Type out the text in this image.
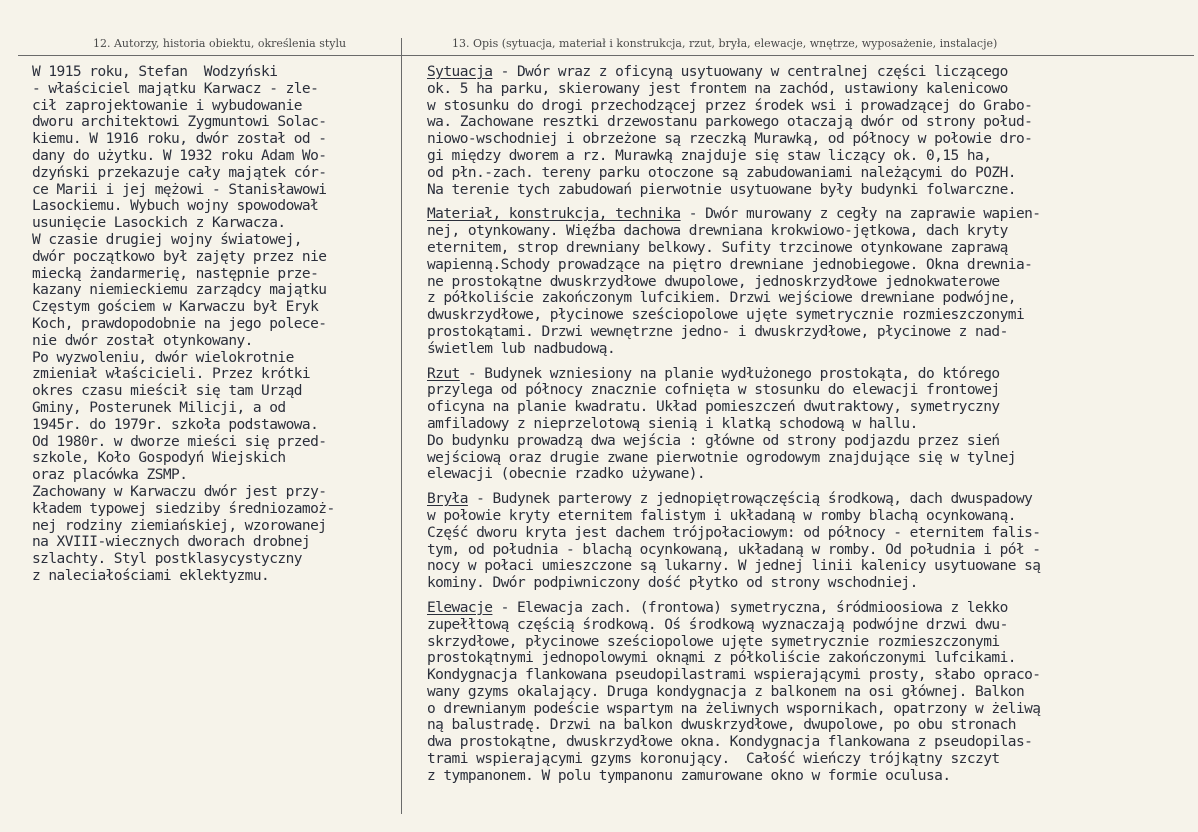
12. Autorzy, historia obiektu, określenia stylu	13. Opis (sytuacja, materiał i konstrukcja, rzut, bryła, elewacje, wnętrze, wyposażenie, instalacje)
W 1915 roku, Stefan  Wodzyński
- właściciel majątku Karwacz - zle-
cił zaprojektowanie i wybudowanie
dworu architektowi Zygmuntowi Solac-
kiemu. W 1916 roku, dwór został od -
dany do użytku. W 1932 roku Adam Wo-
dzyński przekazuje cały majątek cór-
ce Marii i jej mężowi - Stanisławowi
Lasockiemu. Wybuch wojny spowodował
usunięcie Lasockich z Karwacza.
W czasie drugiej wojny światowej,
dwór początkowo był zajęty przez nie
miecką żandarmerię, następnie prze-
kazany niemieckiemu zarządcy majątku
Częstym gościem w Karwaczu był Eryk
Koch, prawdopodobnie na jego polece-
nie dwór został otynkowany.
Po wyzwoleniu, dwór wielokrotnie
zmieniał właścicieli. Przez krótki
okres czasu mieścił się tam Urząd
Gminy, Posterunek Milicji, a od
1945r. do 1979r. szkoła podstawowa.
Od 1980r. w dworze mieści się przed-
szkole, Koło Gospodyń Wiejskich
oraz placówka ZSMP.
Zachowany w Karwaczu dwór jest przy-
kładem typowej siedziby średniozamoż-
nej rodziny ziemiańskiej, wzorowanej
na XVIII-wiecznych dworach drobnej
szlachty. Styl postklasycystyczny
z naleciałościami eklektyzmu.
Sytuacja - Dwór wraz z oficyną usytuowany w centralnej części liczącego
ok. 5 ha parku, skierowany jest frontem na zachód, ustawiony kalenicowo
w stosunku do drogi przechodzącej przez środek wsi i prowadzącej do Grabo-
wa. Zachowane resztki drzewostanu parkowego otaczają dwór od strony połud-
niowo-wschodniej i obrzeżone są rzeczką Murawką, od północy w połowie dro-
gi między dworem a rz. Murawką znajduje się staw liczący ok. 0,15 ha,
od płn.-zach. tereny parku otoczone są zabudowaniami należącymi do POZH.
Na terenie tych zabudowań pierwotnie usytuowane były budynki folwarczne.
Materiał, konstrukcja, technika - Dwór murowany z cegły na zaprawie wapien-
nej, otynkowany. Więźba dachowa drewniana krokwiowo-jętkowa, dach kryty
eternitem, strop drewniany belkowy. Sufity trzcinowe otynkowane zaprawą
wapienną.Schody prowadzące na piętro drewniane jednobiegowe. Okna drewnia-
ne prostokątne dwuskrzydłowe dwupolowe, jednoskrzydłowe jednokwaterowe
z półkoliście zakończonym lufcikiem. Drzwi wejściowe drewniane podwójne,
dwuskrzydłowe, płycinowe sześciopolowe ujęte symetrycznie rozmieszczonymi
prostokątami. Drzwi wewnętrzne jedno- i dwuskrzydłowe, płycinowe z nad-
świetlem lub nadbudową.
Rzut - Budynek wzniesiony na planie wydłużonego prostokąta, do którego
przylega od północy znacznie cofnięta w stosunku do elewacji frontowej
oficyna na planie kwadratu. Układ pomieszczeń dwutraktowy, symetryczny
amfiladowy z nieprzelotową sienią i klatką schodową w hallu.
Do budynku prowadzą dwa wejścia : główne od strony podjazdu przez sień
wejściową oraz drugie zwane pierwotnie ogrodowym znajdujące się w tylnej
elewacji (obecnie rzadko używane).
Bryła - Budynek parterowy z jednopiętrowączęścią środkową, dach dwuspadowy
w połowie kryty eternitem falistym i układaną w romby blachą ocynkowaną.
Część dworu kryta jest dachem trójpołaciowym: od północy - eternitem falis-
tym, od południa - blachą ocynkowaną, układaną w romby. Od południa i pół -
nocy w połaci umieszczone są lukarny. W jednej linii kalenicy usytuowane są
kominy. Dwór podpiwniczony dość płytko od strony wschodniej.
Elewacje - Elewacja zach. (frontowa) symetryczna, śródmioosiowa z lekko
zupełłtową częścią środkową. Oś środkową wyznaczają podwójne drzwi dwu-
skrzydłowe, płycinowe sześciopolowe ujęte symetrycznie rozmieszczonymi
prostokątnymi jednopolowymi oknąmi z półkoliście zakończonymi lufcikami.
Kondygnacja flankowana pseudopilastrami wspierającymi prosty, słabo opraco-
wany gzyms okalający. Druga kondygnacja z balkonem na osi głównej. Balkon
o drewnianym podeście wspartym na żeliwnych wspornikach, opatrzony w żeliwą
ną balustradę. Drzwi na balkon dwuskrzydłowe, dwupolowe, po obu stronach
dwa prostokątne, dwuskrzydłowe okna. Kondygnacja flankowana z pseudopilas-
trami wspierającymi gzyms koronujący.  Całość wieńczy trójkątny szczyt
z tympanonem. W polu tympanonu zamurowane okno w formie oculusa.
